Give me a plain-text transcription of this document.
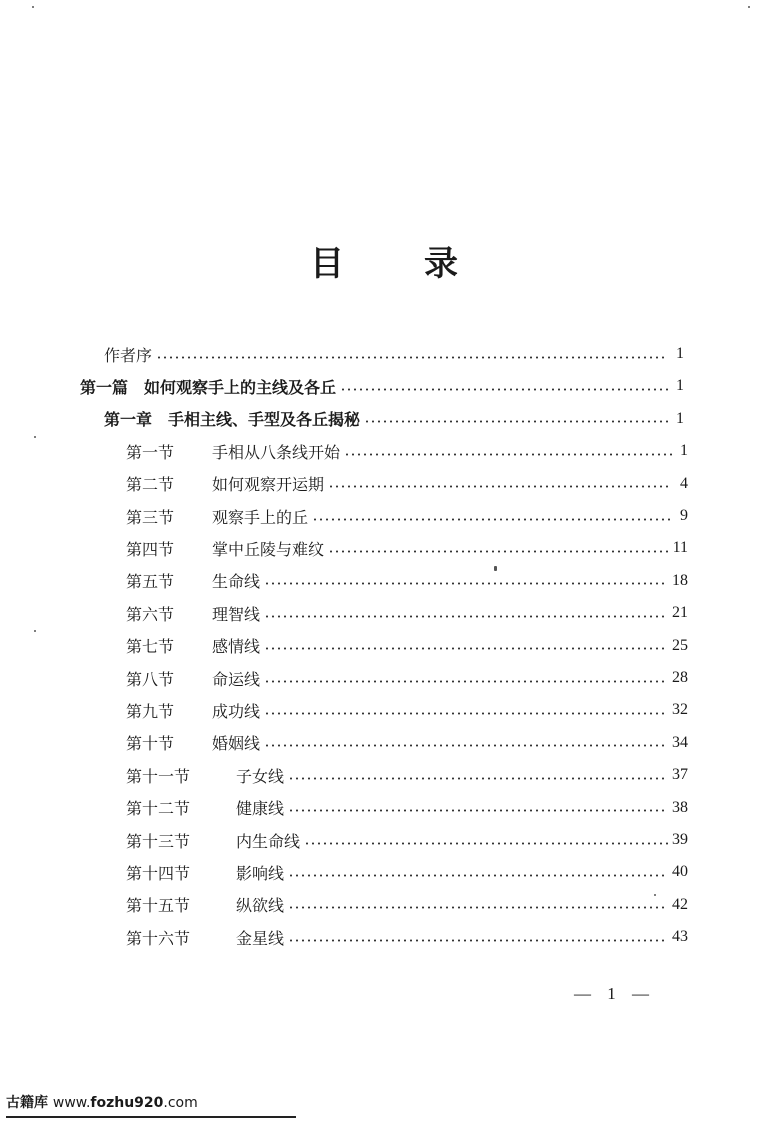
目 录
作者序	1
第一篇　如何观察手上的主线及各丘	1
第一章　手相主线、手型及各丘揭秘	1
第一节 手相从八条线开始	1
第二节 如何观察开运期	4
第三节 观察手上的丘	9
第四节 掌中丘陵与难纹	11
第五节 生命线	18
第六节 理智线	21
第七节 感情线	25
第八节 命运线	28
第九节 成功线	32
第十节 婚姻线	34
第十一节	子女线	37
第十二节	健康线	38
第十三节	内生命线	39
第十四节	影响线	40
第十五节	纵欲线	42
第十六节	金星线	43
— 1 —
古籍库 www.fozhu920.com
